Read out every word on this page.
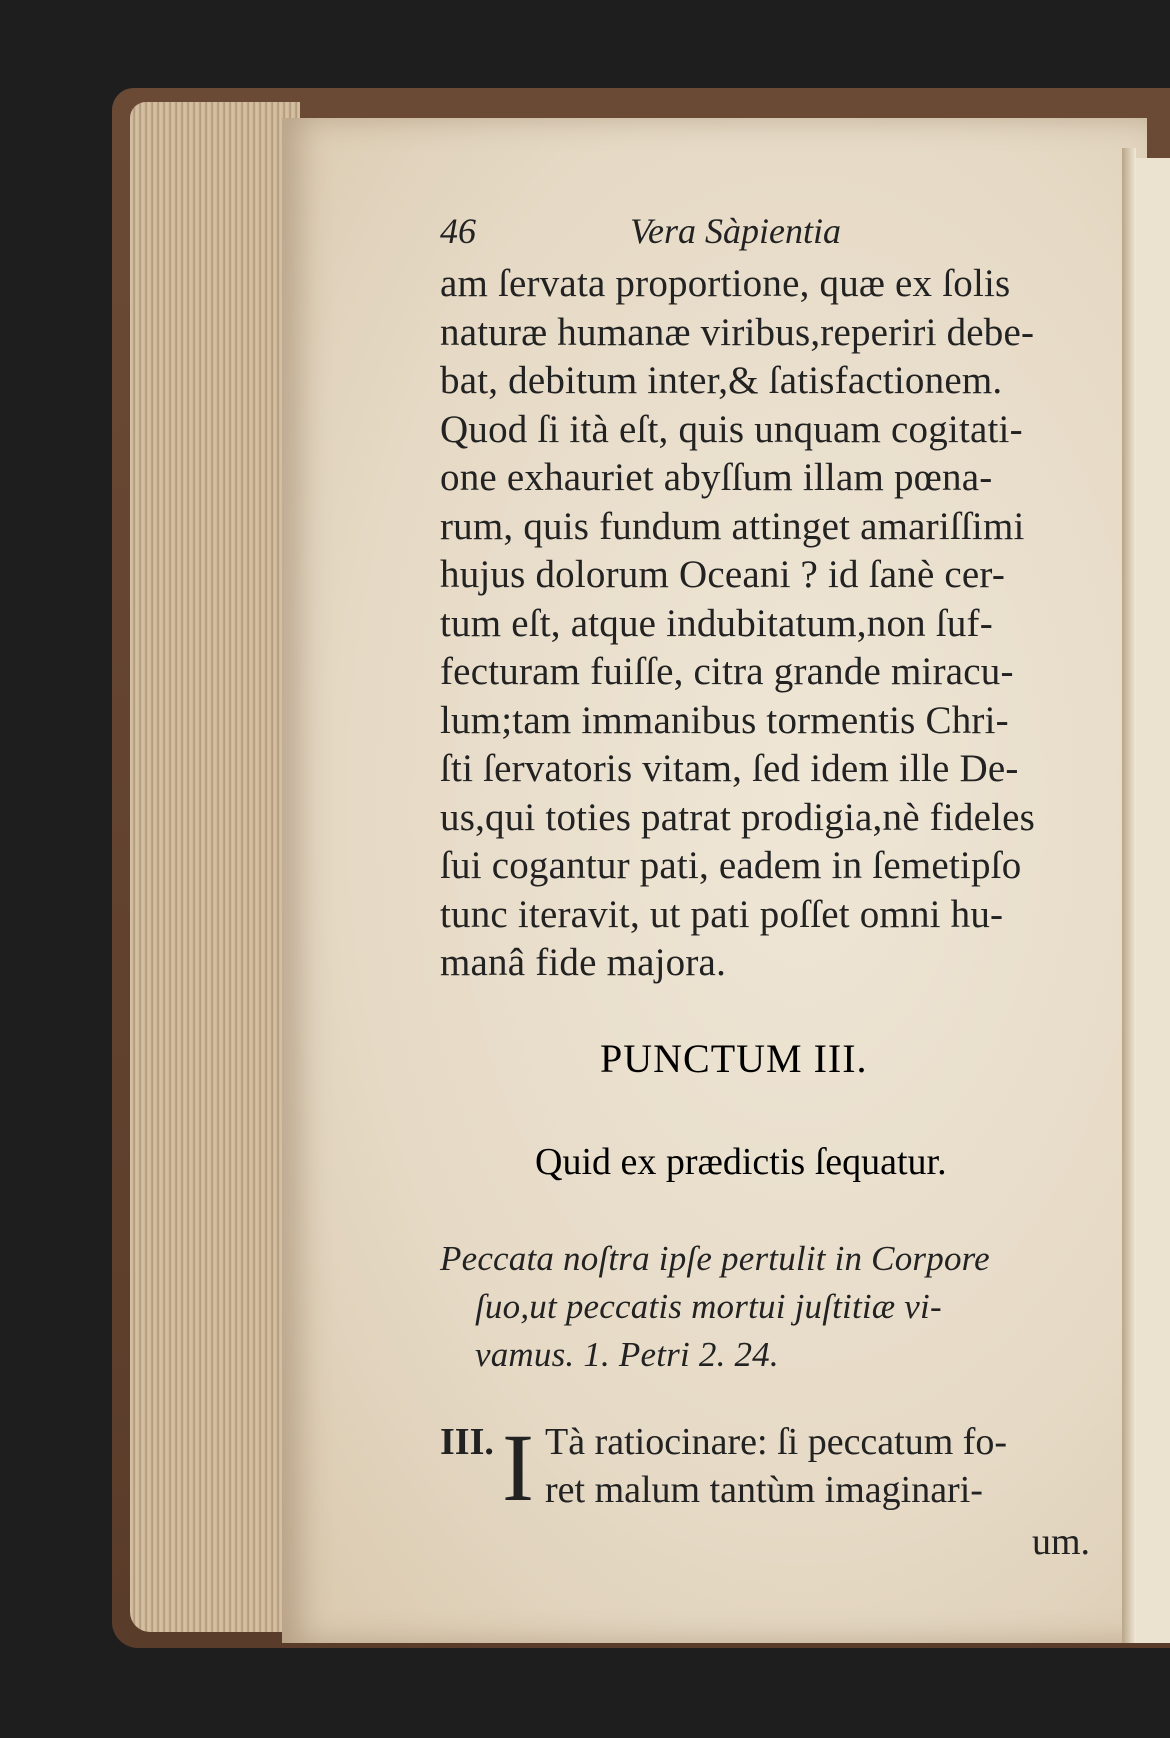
46	Vera Sàpientia
am ſervata proportione, quæ ex ſolis
naturæ humanæ viribus,reperiri debe-
bat, debitum inter,& ſatisfactionem.
Quod ſi ità eſt, quis unquam cogitati-
one exhauriet abyſſum illam pœna-
rum, quis fundum attinget amariſſimi
hujus dolorum Oceani ? id ſanè cer-
tum eſt, atque indubitatum,non ſuf-
fecturam fuiſſe, citra grande miracu-
lum;tam immanibus tormentis Chri-
ſti ſervatoris vitam, ſed idem ille De-
us,qui toties patrat prodigia,nè fideles
ſui cogantur pati, eadem in ſemetipſo
tunc iteravit, ut pati poſſet omni hu-
manâ fide majora.
PUNCTUM III.
Quid ex prædictis ſequatur.
Peccata noſtra ipſe pertulit in Corpore
ſuo,ut peccatis mortui juſtitiæ vi-
vamus. 1. Petri 2. 24.
III. I Tà ratiocinare: ſi peccatum fo-
ret malum tantùm imaginari-
um.
